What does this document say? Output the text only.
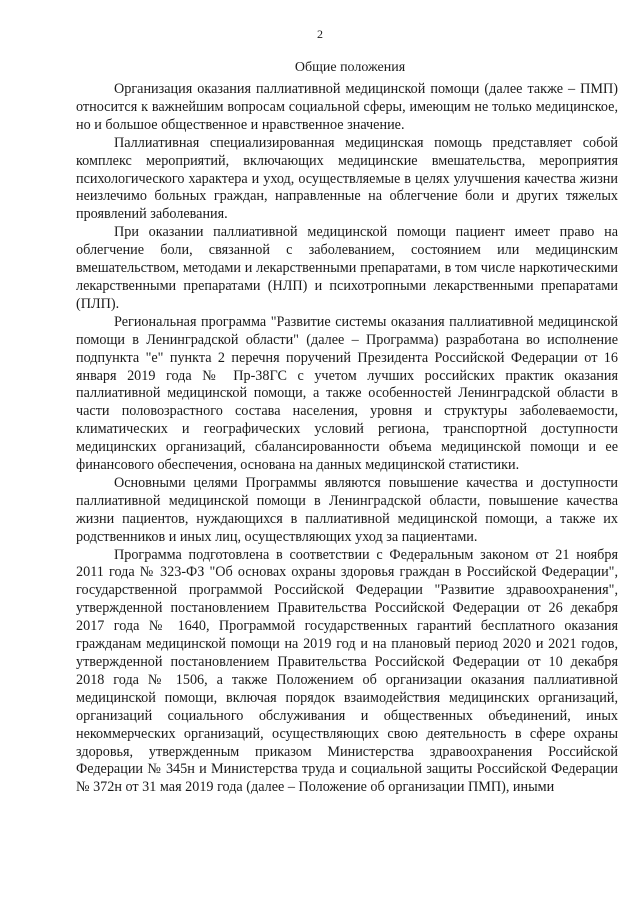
2
Общие положения

Организация оказания паллиативной медицинской помощи (далее также – ПМП) относится к важнейшим вопросам социальной сферы, имеющим не только медицинское, но и большое общественное и нравственное значение.

Паллиативная специализированная медицинская помощь представляет собой комплекс мероприятий, включающих медицинские вмешательства, мероприятия психологического характера и уход, осуществляемые в целях улучшения качества жизни неизлечимо больных граждан, направленные на облегчение боли и других тяжелых проявлений заболевания.

При оказании паллиативной медицинской помощи пациент имеет право на облегчение боли, связанной с заболеванием, состоянием или медицинским вмешательством, методами и лекарственными препаратами, в том числе наркотическими лекарственными препаратами (НЛП) и психотропными лекарственными препаратами (ПЛП).

Региональная программа "Развитие системы оказания паллиативной медицинской помощи в Ленинградской области" (далее – Программа) разработана во исполнение подпункта "е" пункта 2 перечня поручений Президента Российской Федерации от 16 января 2019 года № Пр-38ГС с учетом лучших российских практик оказания паллиативной медицинской помощи, а также особенностей Ленинградской области в части половозрастного состава населения, уровня и структуры заболеваемости, климатических и географических условий региона, транспортной доступности медицинских организаций, сбалансированности объема медицинской помощи и ее финансового обеспечения, основана на данных медицинской статистики.

Основными целями Программы являются повышение качества и доступности паллиативной медицинской помощи в Ленинградской области, повышение качества жизни пациентов, нуждающихся в паллиативной медицинской помощи, а также их родственников и иных лиц, осуществляющих уход за пациентами.

Программа подготовлена в соответствии с Федеральным законом от 21 ноября 2011 года № 323-ФЗ "Об основах охраны здоровья граждан в Российской Федерации", государственной программой Российской Федерации "Развитие здравоохранения", утвержденной постановлением Правительства Российской Федерации от 26 декабря 2017 года № 1640, Программой государственных гарантий бесплатного оказания гражданам медицинской помощи на 2019 год и на плановый период 2020 и 2021 годов, утвержденной постановлением Правительства Российской Федерации от 10 декабря 2018 года № 1506, а также Положением об организации оказания паллиативной медицинской помощи, включая порядок взаимодействия медицинских организаций, организаций социального обслуживания и общественных объединений, иных некоммерческих организаций, осуществляющих свою деятельность в сфере охраны здоровья, утвержденным приказом Министерства здравоохранения Российской Федерации № 345н и Министерства труда и социальной защиты Российской Федерации № 372н от 31 мая 2019 года (далее – Положение об организации ПМП), иными
